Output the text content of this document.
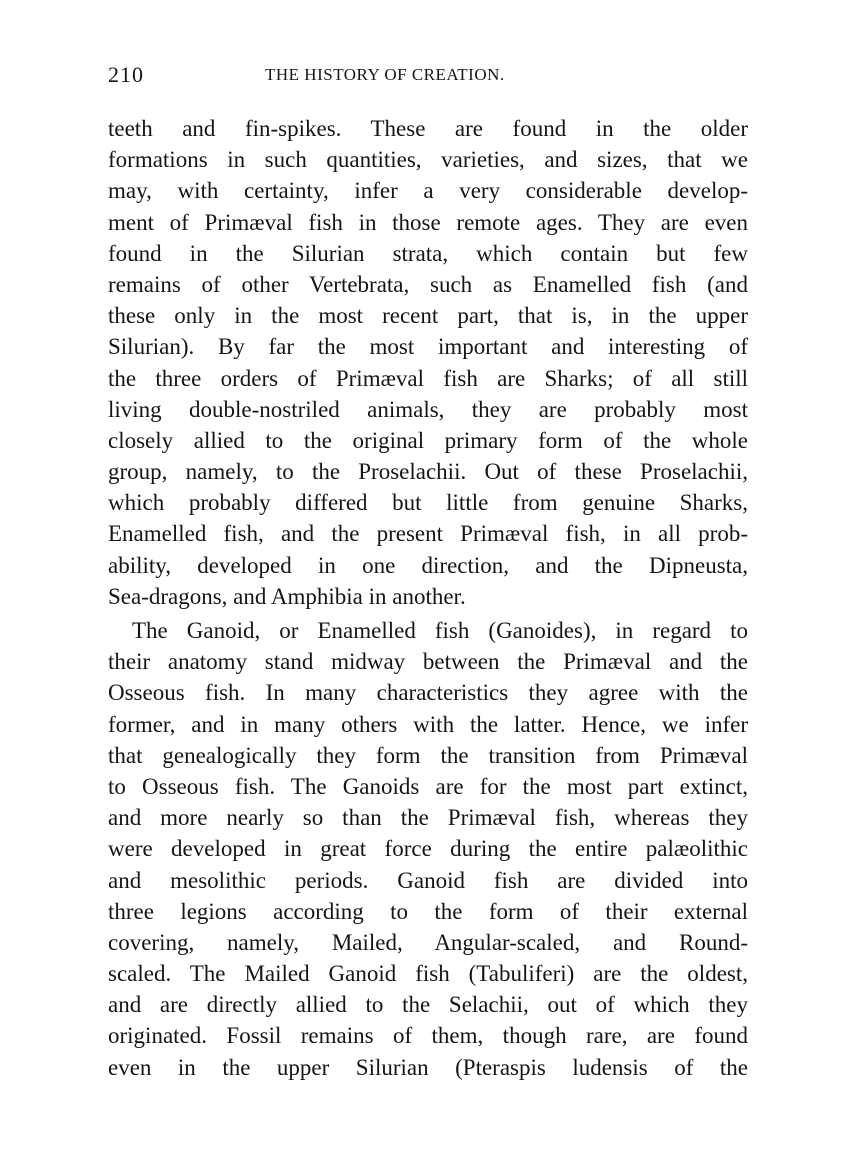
210	THE HISTORY OF CREATION.
teeth and fin-spikes. These are found in the older
formations in such quantities, varieties, and sizes, that we
may, with certainty, infer a very considerable develop-
ment of Primæval fish in those remote ages. They are even
found in the Silurian strata, which contain but few
remains of other Vertebrata, such as Enamelled fish (and
these only in the most recent part, that is, in the upper
Silurian). By far the most important and interesting of
the three orders of Primæval fish are Sharks; of all still
living double-nostriled animals, they are probably most
closely allied to the original primary form of the whole
group, namely, to the Proselachii. Out of these Proselachii,
which probably differed but little from genuine Sharks,
Enamelled fish, and the present Primæval fish, in all prob-
ability, developed in one direction, and the Dipneusta,
Sea-dragons, and Amphibia in another.
The Ganoid, or Enamelled fish (Ganoides), in regard to
their anatomy stand midway between the Primæval and the
Osseous fish. In many characteristics they agree with the
former, and in many others with the latter. Hence, we infer
that genealogically they form the transition from Primæval
to Osseous fish. The Ganoids are for the most part extinct,
and more nearly so than the Primæval fish, whereas they
were developed in great force during the entire palæolithic
and mesolithic periods. Ganoid fish are divided into
three legions according to the form of their external
covering, namely, Mailed, Angular-scaled, and Round-
scaled. The Mailed Ganoid fish (Tabuliferi) are the oldest,
and are directly allied to the Selachii, out of which they
originated. Fossil remains of them, though rare, are found
even in the upper Silurian (Pteraspis ludensis of the
